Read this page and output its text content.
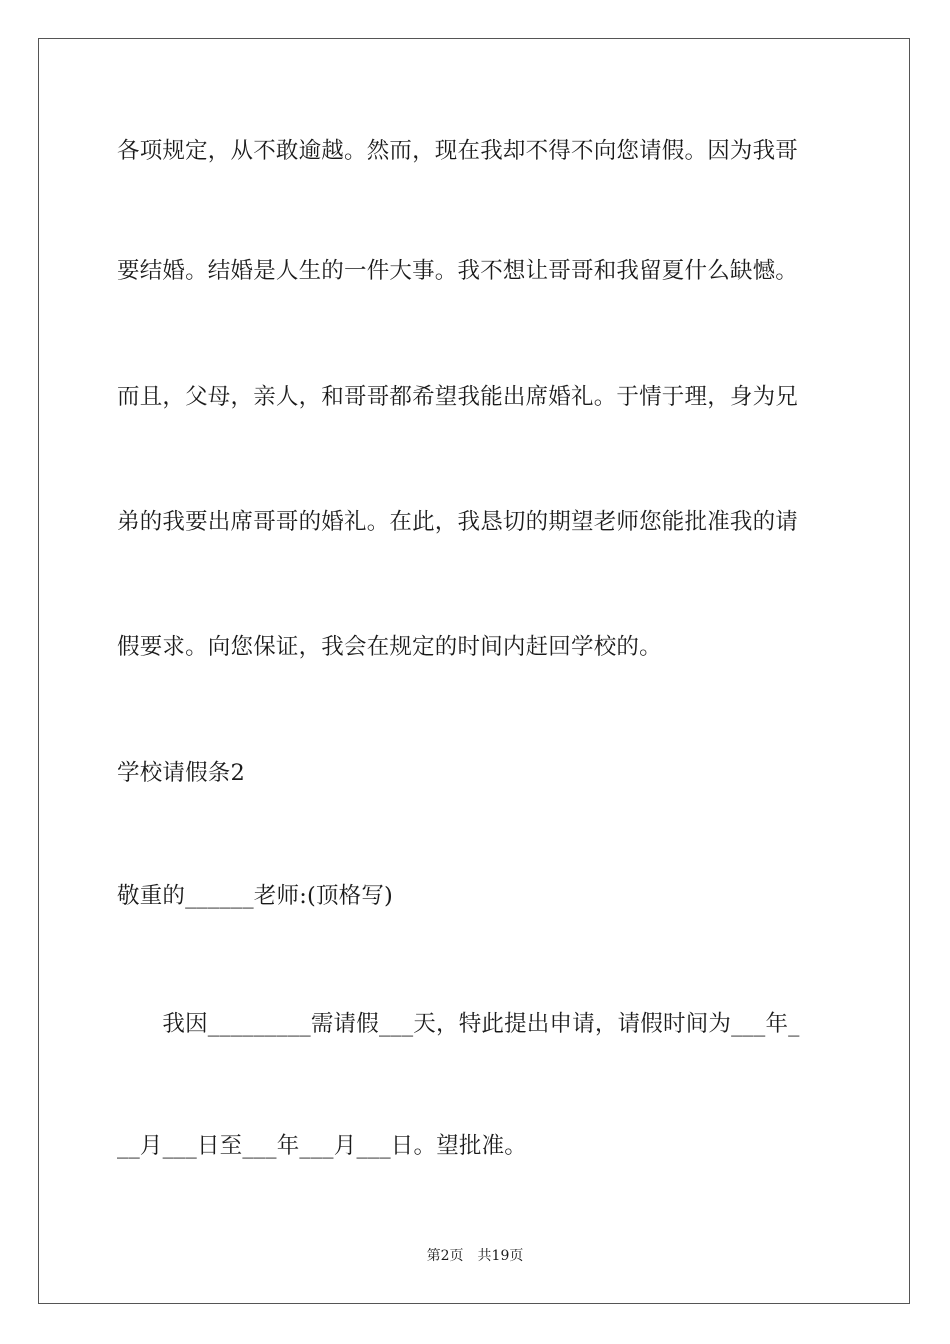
各项规定，从不敢逾越。然而，现在我却不得不向您请假。因为我哥
要结婚。结婚是人生的一件大事。我不想让哥哥和我留夏什么缺憾。
而且，父母，亲人，和哥哥都希望我能出席婚礼。于情于理，身为兄
弟的我要出席哥哥的婚礼。在此，我恳切的期望老师您能批准我的请
假要求。向您保证，我会在规定的时间内赶回学校的。
学校请假条2
敬重的______老师:(顶格写)
　　我因_________需请假___天，特此提出申请，请假时间为___年_
__月___日至___年___月___日。望批准。
第2页　共19页
